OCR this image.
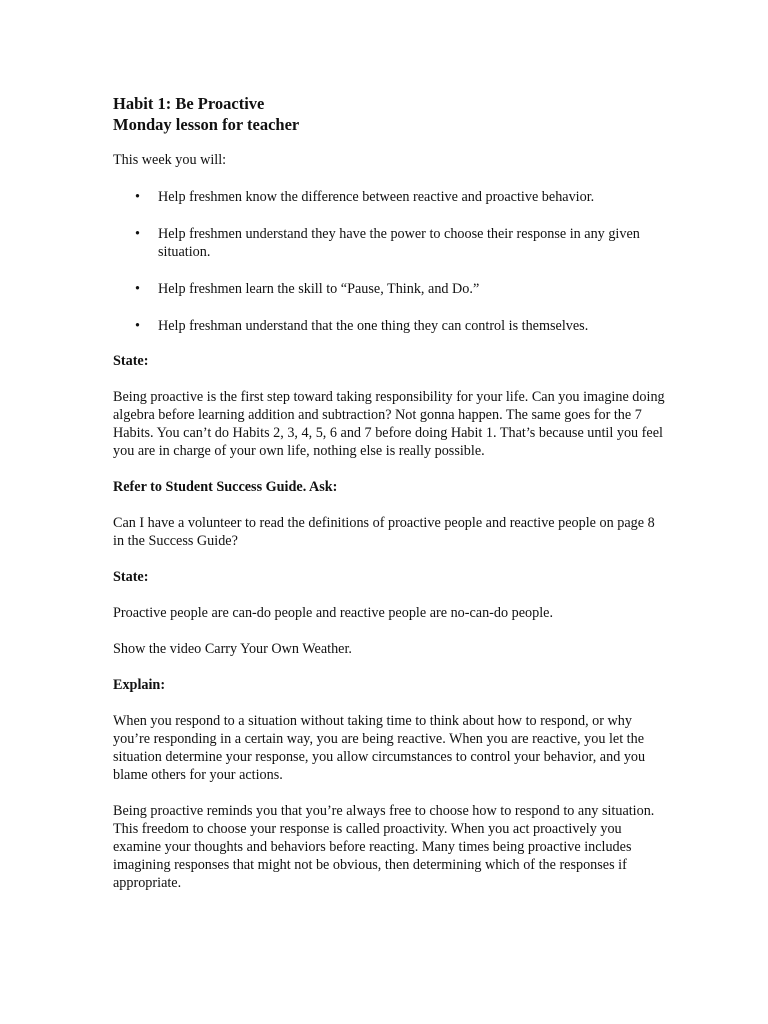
Habit 1: Be Proactive

Monday lesson for teacher

This week you will:

• Help freshmen know the difference between reactive and proactive behavior.
• Help freshmen understand they have the power to choose their response in any given situation.
• Help freshmen learn the skill to “Pause, Think, and Do.”
• Help freshman understand that the one thing they can control is themselves.

State:

Being proactive is the first step toward taking responsibility for your life. Can you imagine doing algebra before learning addition and subtraction? Not gonna happen. The same goes for the 7 Habits. You can’t do Habits 2, 3, 4, 5, 6 and 7 before doing Habit 1. That’s because until you feel you are in charge of your own life, nothing else is really possible.

Refer to Student Success Guide. Ask:

Can I have a volunteer to read the definitions of proactive people and reactive people on page 8 in the Success Guide?

State:

Proactive people are can-do people and reactive people are no-can-do people.

Show the video Carry Your Own Weather.

Explain:

When you respond to a situation without taking time to think about how to respond, or why you’re responding in a certain way, you are being reactive. When you are reactive, you let the situation determine your response, you allow circumstances to control your behavior, and you blame others for your actions.

Being proactive reminds you that you’re always free to choose how to respond to any situation. This freedom to choose your response is called proactivity. When you act proactively you examine your thoughts and behaviors before reacting. Many times being proactive includes imagining responses that might not be obvious, then determining which of the responses if appropriate.
